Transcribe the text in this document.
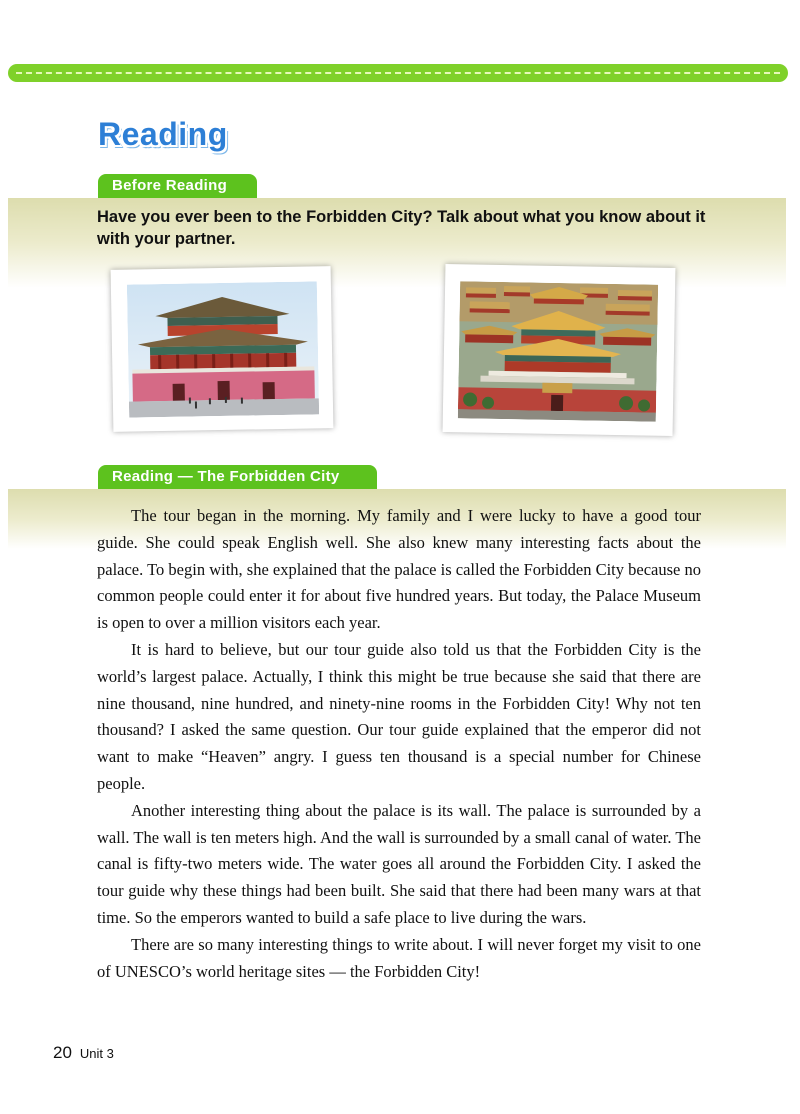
Reading
Before Reading
Have you ever been to the Forbidden City? Talk about what you know about it with your partner.
Reading — The Forbidden City

The tour began in the morning. My family and I were lucky to have a good tour guide. She could speak English well. She also knew many interesting facts about the palace. To begin with, she explained that the palace is called the Forbidden City because no common people could enter it for about five hundred years. But today, the Palace Museum is open to over a million visitors each year.

It is hard to believe, but our tour guide also told us that the Forbidden City is the world’s largest palace. Actually, I think this might be true because she said that there are nine thousand, nine hundred, and ninety-nine rooms in the Forbidden City! Why not ten thousand? I asked the same question. Our tour guide explained that the emperor did not want to make “Heaven” angry. I guess ten thousand is a special number for Chinese people.

Another interesting thing about the palace is its wall. The palace is surrounded by a wall. The wall is ten meters high. And the wall is surrounded by a small canal of water. The canal is fifty-two meters wide. The water goes all around the Forbidden City. I asked the tour guide why these things had been built. She said that there had been many wars at that time. So the emperors wanted to build a safe place to live during the wars.

There are so many interesting things to write about. I will never forget my visit to one of UNESCO’s world heritage sites — the Forbidden City!

20 Unit 3
